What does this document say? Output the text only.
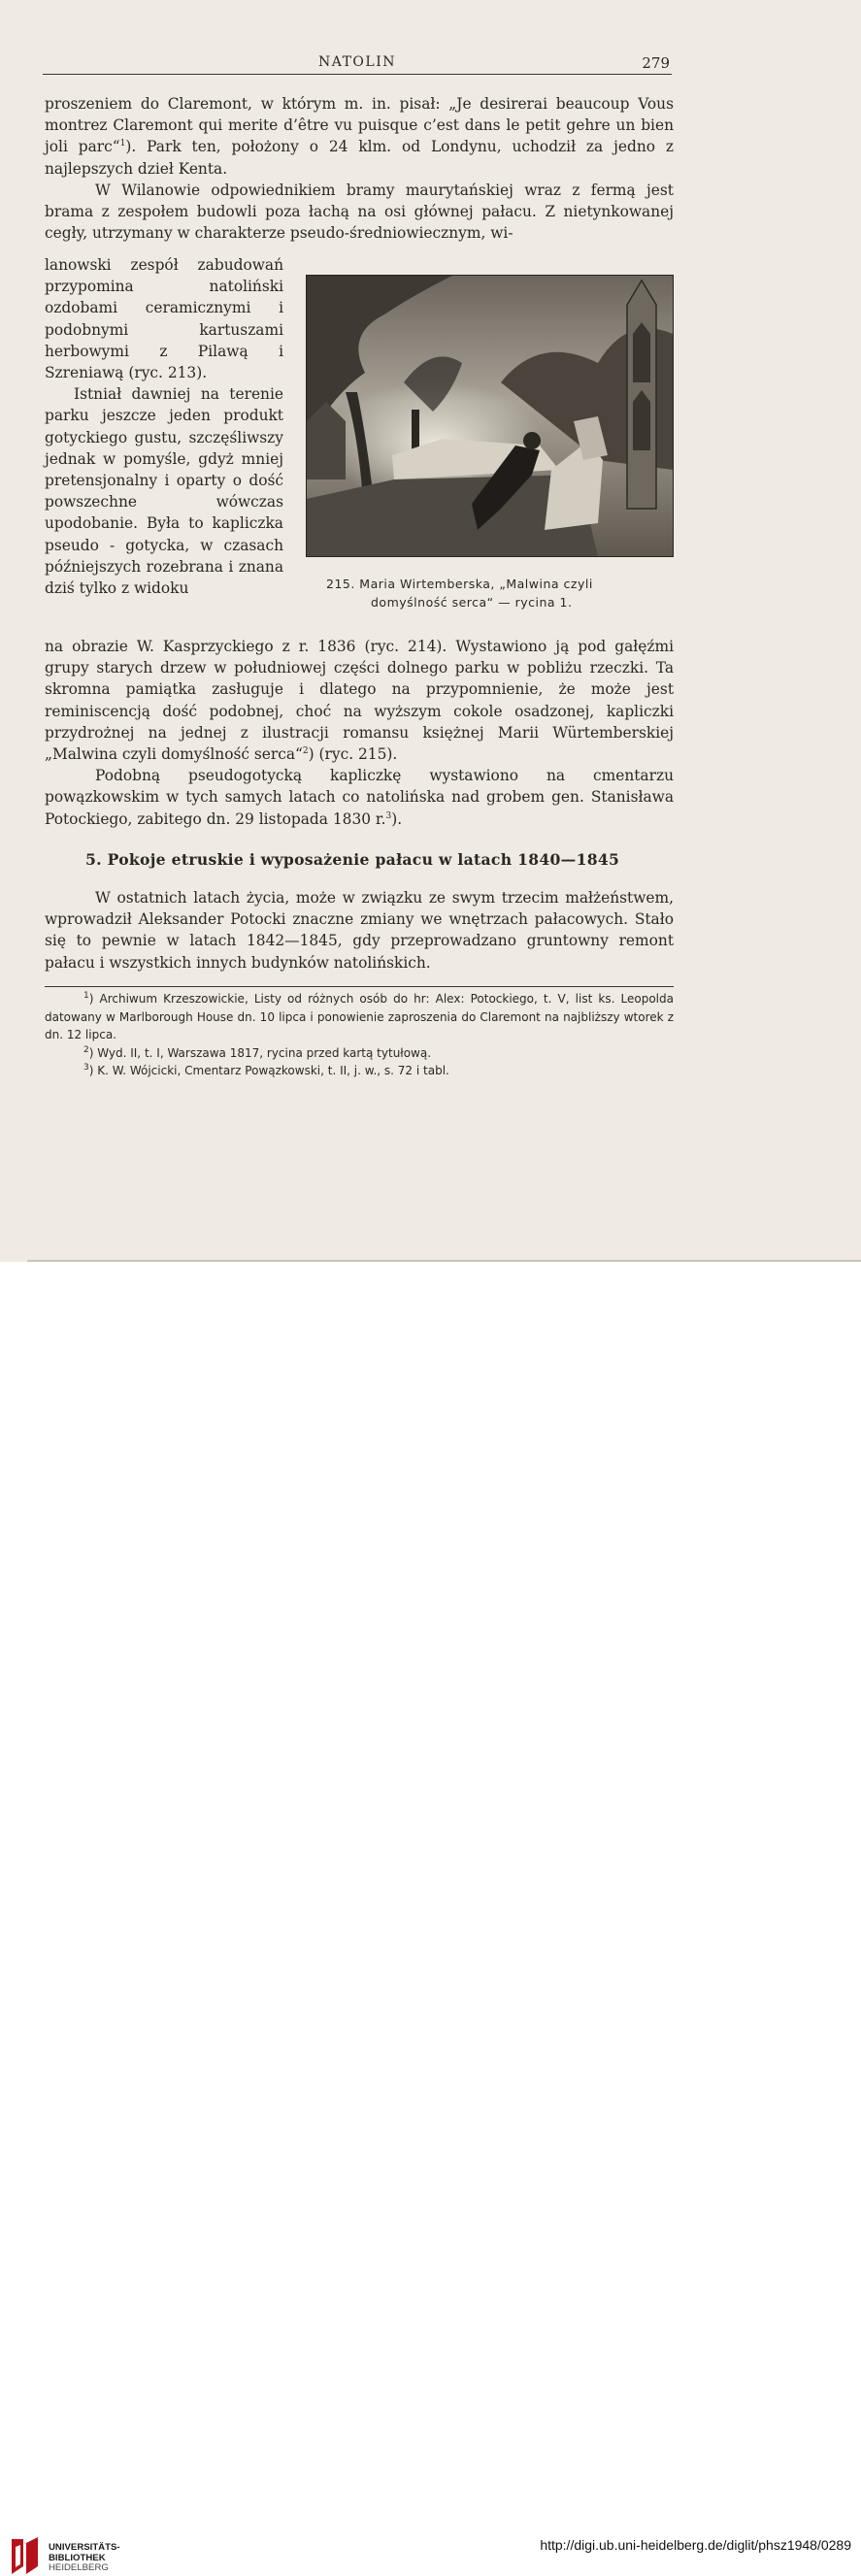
NATOLIN	279

proszeniem do Claremont, w którym m. in. pisał: „Je desirerai beaucoup Vous montrez Claremont qui merite d’être vu puisque c’est dans le petit gehre un bien joli parc“$^1$). Park ten, położony o 24 klm. od Londynu, uchodził za jedno z najlepszych dzieł Kenta.

W Wilanowie odpowiednikiem bramy maurytańskiej wraz z fermą jest brama z zespołem budowli poza łachą na osi głównej pałacu. Z nietynkowanej cegły, utrzymany w charakterze pseudo-średniowiecznym, wi-

lanowski zespół zabudowań przypomina natoliński ozdobami ceramicznymi i podobnymi kartuszami herbowymi z Pilawą i Szreniawą (ryc. 213).

Istniał dawniej na terenie parku jeszcze jeden produkt gotyckiego gustu, szczęśliwszy jednak w pomyśle, gdyż mniej pretensjonalny i oparty o dość powszechne wówczas upodobanie. Była to kapliczka pseudo - gotycka, w czasach późniejszych rozebrana i znana dziś tylko z widoku	215. Maria Wirtemberska, „Malwina czyli
domyślność serca“ — rycina 1.

na obrazie W. Kasprzyckiego z r. 1836 (ryc. 214). Wystawiono ją pod gałęźmi grupy starych drzew w południowej części dolnego parku w pobliżu rzeczki. Ta skromna pamiątka zasługuje i dlatego na przypomnienie, że może jest reminiscencją dość podobnej, choć na wyższym cokole osadzonej, kapliczki przydrożnej na jednej z ilustracji romansu księżnej Marii Würtemberskiej „Malwina czyli domyślność serca“$^2$) (ryc. 215).

Podobną pseudogotycką kapliczkę wystawiono na cmentarzu powązkowskim w tych samych latach co natolińska nad grobem gen. Stanisława Potockiego, zabitego dn. 29 listopada 1830 r.$^3$).

5. Pokoje etruskie i wyposażenie pałacu w latach 1840—1845

W ostatnich latach życia, może w związku ze swym trzecim małżeństwem, wprowadził Aleksander Potocki znaczne zmiany we wnętrzach pałacowych. Stało się to pewnie w latach 1842—1845, gdy przeprowadzano gruntowny remont pałacu i wszystkich innych budynków natolińskich.

$^1$) Archiwum Krzeszowickie, Listy od różnych osób do hr: Alex: Potockiego, t. V, list ks. Leopolda datowany w Marlborough House dn. 10 lipca i ponowienie zaproszenia do Claremont na najbliższy wtorek z dn. 12 lipca.

$^2$) Wyd. II, t. I, Warszawa 1817, rycina przed kartą tytułową.

$^3$) K. W. Wójcicki, Cmentarz Powązkowski, t. II, j. w., s. 72 i tabl.

UNIVERSITÄTS-
BIBLIOTHEK
HEIDELBERG
http://digi.ub.uni-heidelberg.de/diglit/phsz1948/0289
